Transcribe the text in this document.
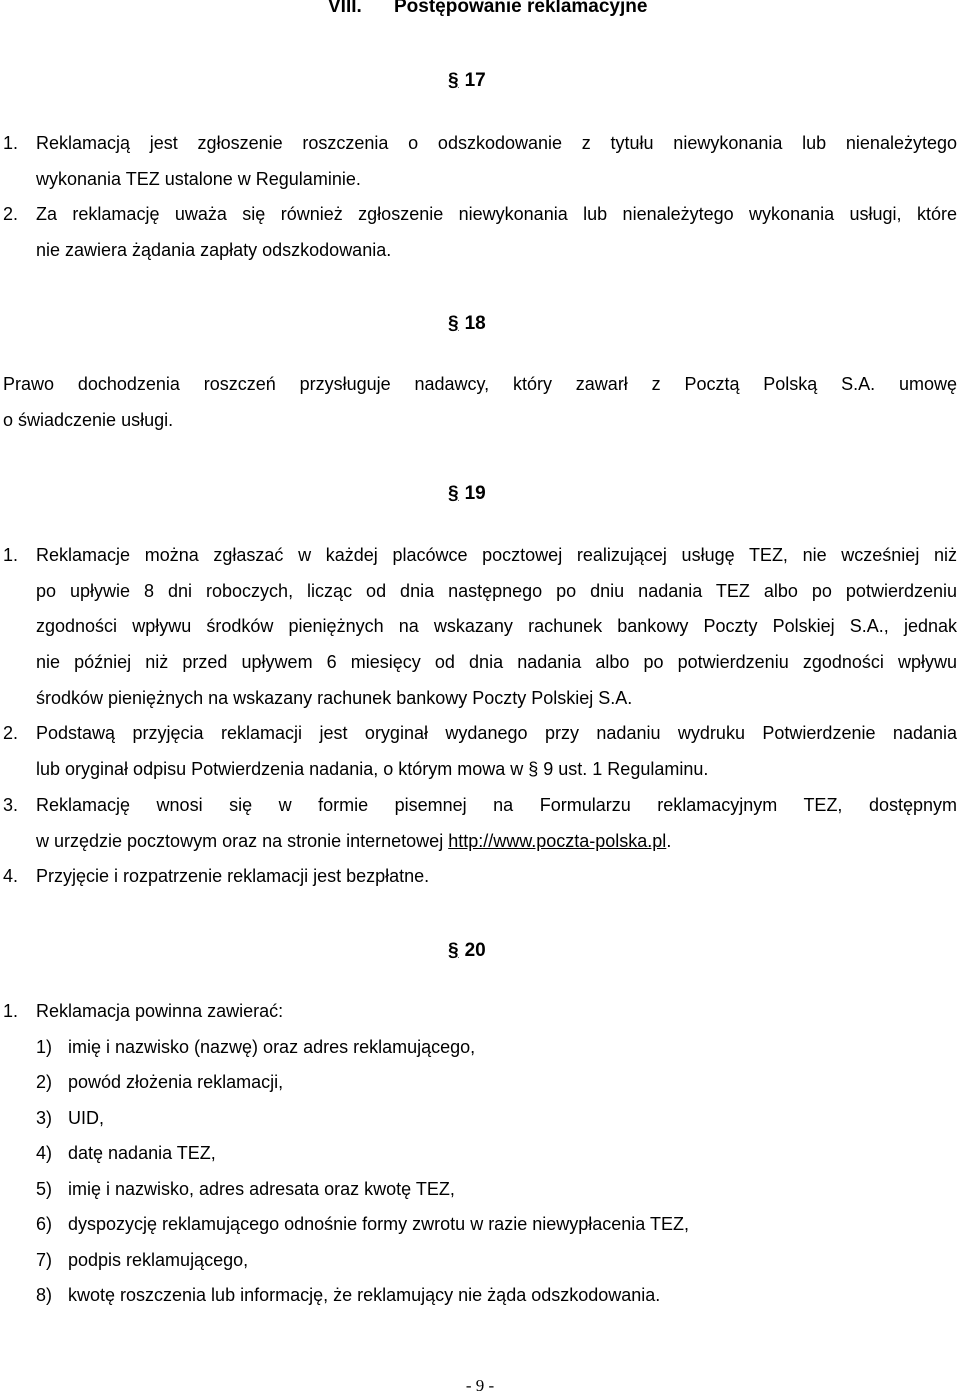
VIII. Postępowanie reklamacyjne
§ 17
1. Reklamacją jest zgłoszenie roszczenia o odszkodowanie z tytułu niewykonania lub nienależytego
wykonania TEZ ustalone w Regulaminie.
2. Za reklamację uważa się również zgłoszenie niewykonania lub nienależytego wykonania usługi, które
nie zawiera żądania zapłaty odszkodowania.
§ 18
Prawo dochodzenia roszczeń przysługuje nadawcy, który zawarł z Pocztą Polską S.A. umowę
o świadczenie usługi.
§ 19
1. Reklamacje można zgłaszać w każdej placówce pocztowej realizującej usługę TEZ, nie wcześniej niż
po upływie 8 dni roboczych, licząc od dnia następnego po dniu nadania TEZ albo po potwierdzeniu
zgodności wpływu środków pieniężnych na wskazany rachunek bankowy Poczty Polskiej S.A., jednak
nie później niż przed upływem 6 miesięcy od dnia nadania albo po potwierdzeniu zgodności wpływu
środków pieniężnych na wskazany rachunek bankowy Poczty Polskiej S.A.
2. Podstawą przyjęcia reklamacji jest oryginał wydanego przy nadaniu wydruku Potwierdzenie nadania
lub oryginał odpisu Potwierdzenia nadania, o którym mowa w § 9 ust. 1 Regulaminu.
3. Reklamację wnosi się w formie pisemnej na Formularzu reklamacyjnym TEZ, dostępnym
w urzędzie pocztowym oraz na stronie internetowej http://www.poczta-polska.pl.
4. Przyjęcie i rozpatrzenie reklamacji jest bezpłatne.
§ 20
1. Reklamacja powinna zawierać:
1) imię i nazwisko (nazwę) oraz adres reklamującego,
2) powód złożenia reklamacji,
3) UID,
4) datę nadania TEZ,
5) imię i nazwisko, adres adresata oraz kwotę TEZ,
6) dyspozycję reklamującego odnośnie formy zwrotu w razie niewypłacenia TEZ,
7) podpis reklamującego,
8) kwotę roszczenia lub informację, że reklamujący nie żąda odszkodowania.
- 9 -
